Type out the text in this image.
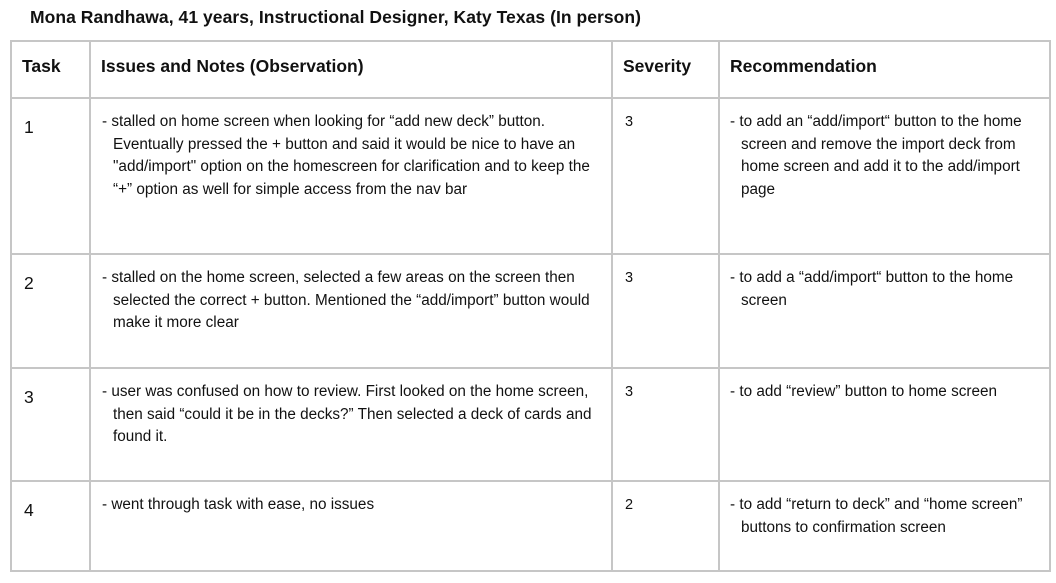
Mona Randhawa, 41 years, Instructional Designer, Katy Texas (In person)
Task	Issues and Notes (Observation)	Severity	Recommendation
1	- stalled on home screen when looking for “add new deck” button. Eventually pressed the + button and said it would be nice to have an "add/import" option on the homescreen for clarification and to keep the “+” option as well for simple access from the nav bar	3	- to add an “add/import“ button to the home screen and remove the import deck from home screen and add it to the add/import page

2	- stalled on the home screen, selected a few areas on the screen then selected the correct + button. Mentioned the “add/import” button would make it more clear	3	- to add a “add/import“ button to the home screen

3	- user was confused on how to review. First looked on the home screen, then said “could it be in the decks?” Then selected a deck of cards and found it.	3	- to add “review” button to home screen

4	- went through task with ease, no issues	2	- to add “return to deck” and “home screen” buttons to confirmation screen
